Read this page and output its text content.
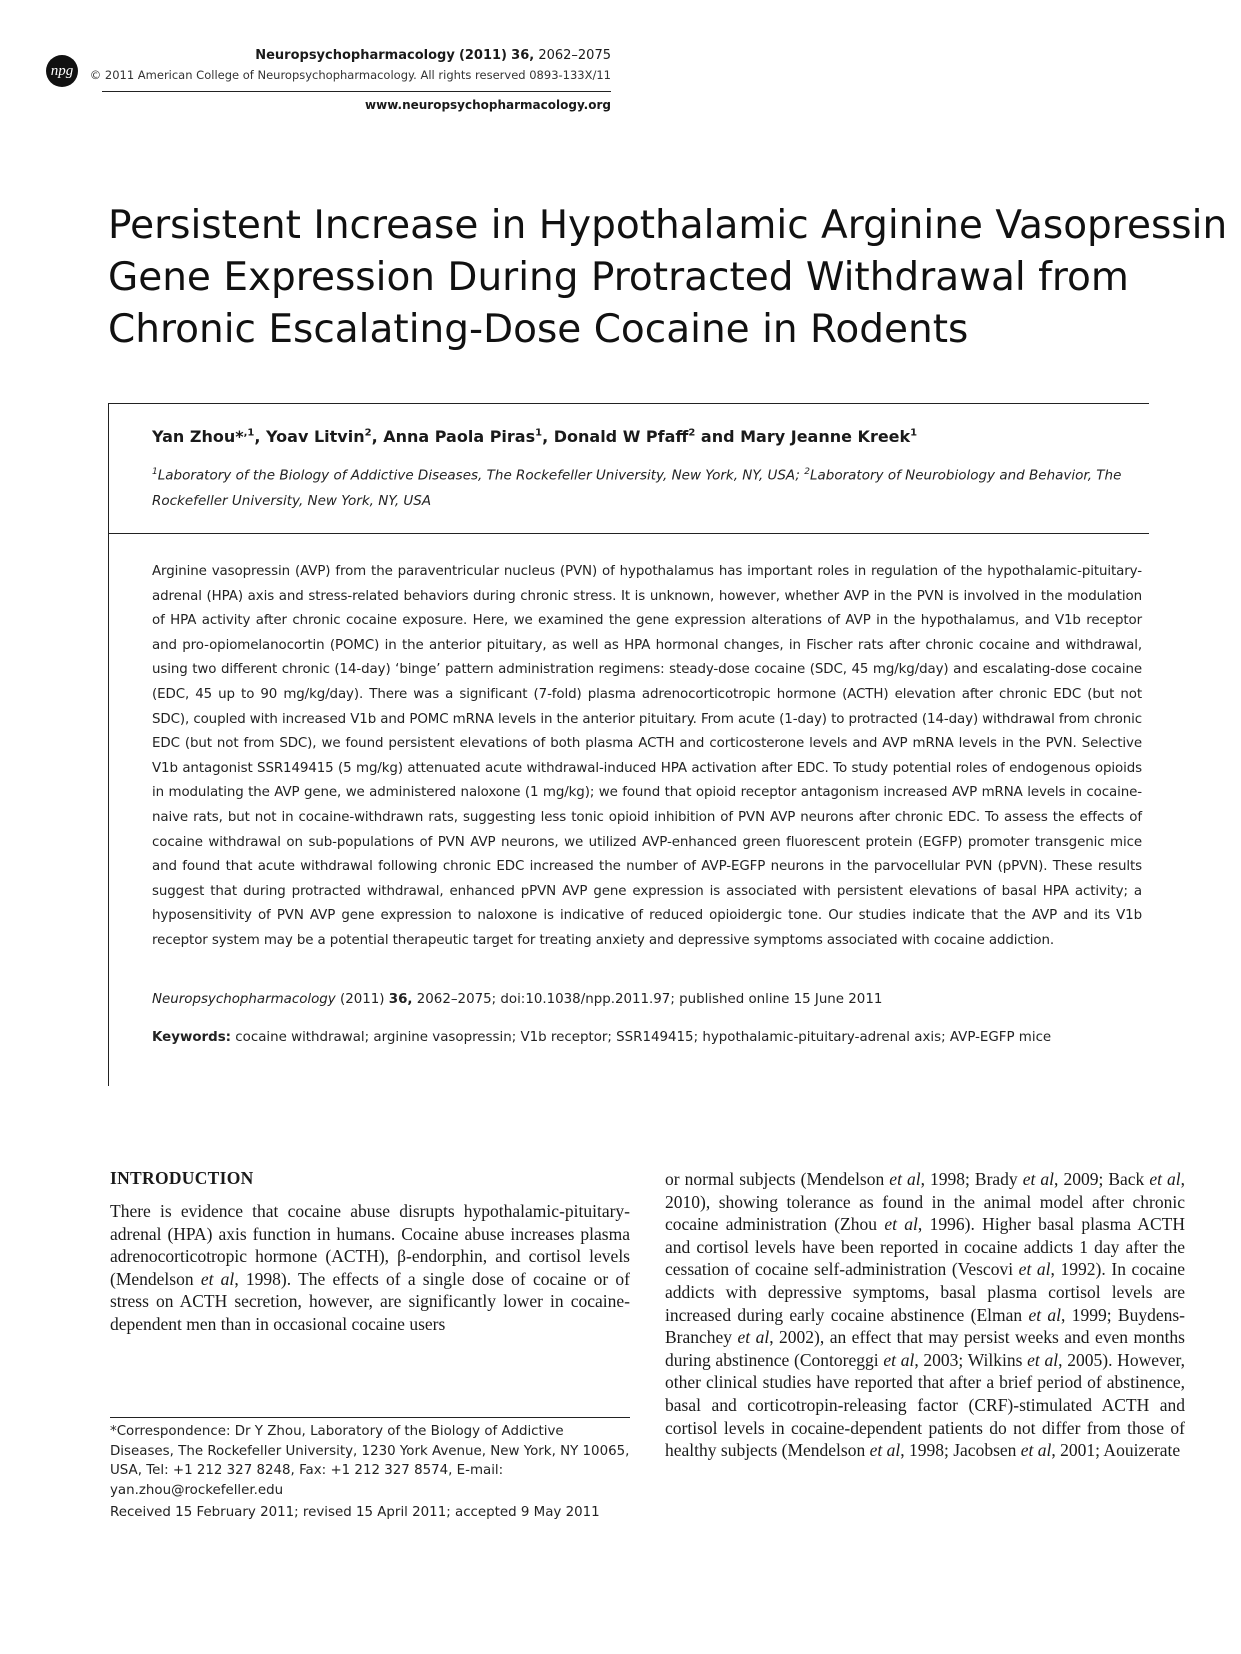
npg
Neuropsychopharmacology (2011) 36, 2062–2075
© 2011 American College of Neuropsychopharmacology. All rights reserved 0893-133X/11
www.neuropsychopharmacology.org
Persistent Increase in Hypothalamic Arginine Vasopressin
Gene Expression During Protracted Withdrawal from
Chronic Escalating-Dose Cocaine in Rodents
Yan Zhou*$^{,1}$, Yoav Litvin$^2$, Anna Paola Piras$^1$, Donald W Pfaff$^2$ and Mary Jeanne Kreek$^1$
$^1$Laboratory of the Biology of Addictive Diseases, The Rockefeller University, New York, NY, USA; $^2$Laboratory of Neurobiology and Behavior, The Rockefeller University, New York, NY, USA
Arginine vasopressin (AVP) from the paraventricular nucleus (PVN) of hypothalamus has important roles in regulation of the hypothalamic-pituitary-adrenal (HPA) axis and stress-related behaviors during chronic stress. It is unknown, however, whether AVP in the PVN is involved in the modulation of HPA activity after chronic cocaine exposure. Here, we examined the gene expression alterations of AVP in the hypothalamus, and V1b receptor and pro-opiomelanocortin (POMC) in the anterior pituitary, as well as HPA hormonal changes, in Fischer rats after chronic cocaine and withdrawal, using two different chronic (14-day) ‘binge’ pattern administration regimens: steady-dose cocaine (SDC, 45 mg/kg/day) and escalating-dose cocaine (EDC, 45 up to 90 mg/kg/day). There was a significant (7-fold) plasma adrenocorticotropic hormone (ACTH) elevation after chronic EDC (but not SDC), coupled with increased V1b and POMC mRNA levels in the anterior pituitary. From acute (1-day) to protracted (14-day) withdrawal from chronic EDC (but not from SDC), we found persistent elevations of both plasma ACTH and corticosterone levels and AVP mRNA levels in the PVN. Selective V1b antagonist SSR149415 (5 mg/kg) attenuated acute withdrawal-induced HPA activation after EDC. To study potential roles of endogenous opioids in modulating the AVP gene, we administered naloxone (1 mg/kg); we found that opioid receptor antagonism increased AVP mRNA levels in cocaine-naive rats, but not in cocaine-withdrawn rats, suggesting less tonic opioid inhibition of PVN AVP neurons after chronic EDC. To assess the effects of cocaine withdrawal on sub-populations of PVN AVP neurons, we utilized AVP-enhanced green fluorescent protein (EGFP) promoter transgenic mice and found that acute withdrawal following chronic EDC increased the number of AVP-EGFP neurons in the parvocellular PVN (pPVN). These results suggest that during protracted withdrawal, enhanced pPVN AVP gene expression is associated with persistent elevations of basal HPA activity; a hyposensitivity of PVN AVP gene expression to naloxone is indicative of reduced opioidergic tone. Our studies indicate that the AVP and its V1b receptor system may be a potential therapeutic target for treating anxiety and depressive symptoms associated with cocaine addiction.
Neuropsychopharmacology (2011) 36, 2062–2075; doi:10.1038/npp.2011.97; published online 15 June 2011
Keywords: cocaine withdrawal; arginine vasopressin; V1b receptor; SSR149415; hypothalamic-pituitary-adrenal axis; AVP-EGFP mice
INTRODUCTION
There is evidence that cocaine abuse disrupts hypothalamic-pituitary-adrenal (HPA) axis function in humans. Cocaine abuse increases plasma adrenocorticotropic hormone (ACTH), β-endorphin, and cortisol levels (Mendelson et al, 1998). The effects of a single dose of cocaine or of stress on ACTH secretion, however, are significantly lower in cocaine-dependent men than in occasional cocaine users
or normal subjects (Mendelson et al, 1998; Brady et al, 2009; Back et al, 2010), showing tolerance as found in the animal model after chronic cocaine administration (Zhou et al, 1996). Higher basal plasma ACTH and cortisol levels have been reported in cocaine addicts 1 day after the cessation of cocaine self-administration (Vescovi et al, 1992). In cocaine addicts with depressive symptoms, basal plasma cortisol levels are increased during early cocaine abstinence (Elman et al, 1999; Buydens-Branchey et al, 2002), an effect that may persist weeks and even months during abstinence (Contoreggi et al, 2003; Wilkins et al, 2005). However, other clinical studies have reported that after a brief period of abstinence, basal and corticotropin-releasing factor (CRF)-stimulated ACTH and cortisol levels in cocaine-dependent patients do not differ from those of healthy subjects (Mendelson et al, 1998; Jacobsen et al, 2001; Aouizerate
*Correspondence: Dr Y Zhou, Laboratory of the Biology of Addictive Diseases, The Rockefeller University, 1230 York Avenue, New York, NY 10065, USA, Tel: +1 212 327 8248, Fax: +1 212 327 8574, E-mail: yan.zhou@rockefeller.edu
Received 15 February 2011; revised 15 April 2011; accepted 9 May 2011
